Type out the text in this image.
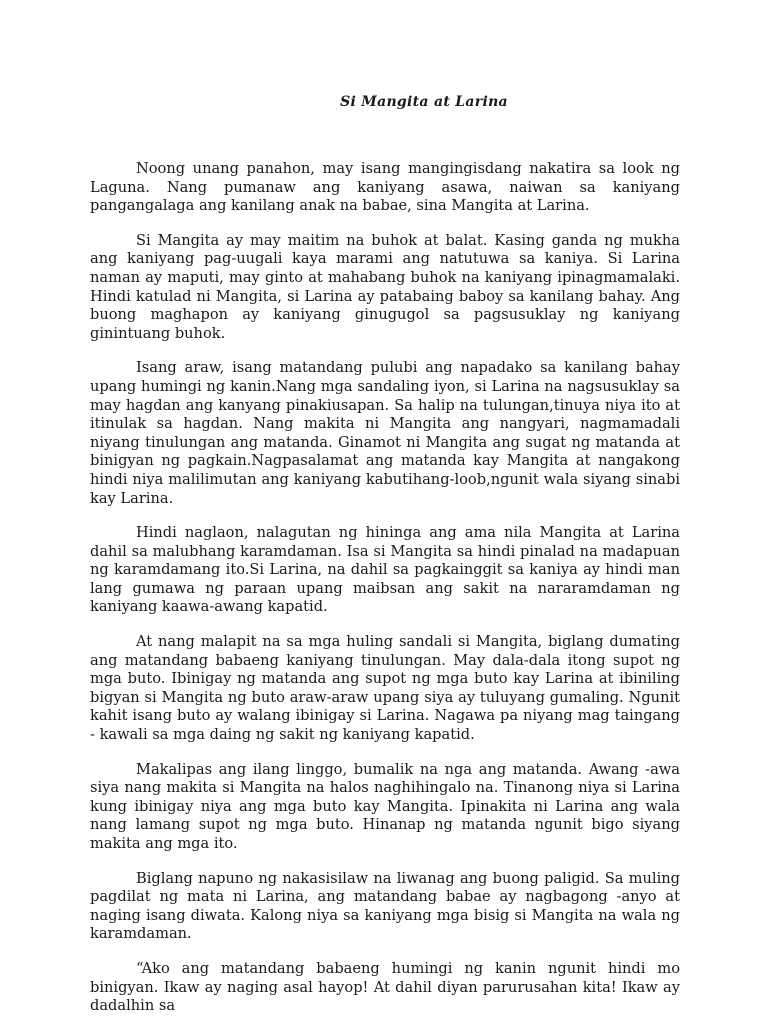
Si Mangita at Larina

Noong unang panahon, may isang mangingisdang nakatira sa look ng Laguna. Nang pumanaw ang kaniyang asawa, naiwan sa kaniyang pangangalaga ang kanilang anak na babae, sina Mangita at Larina.

Si Mangita ay may maitim na buhok at balat. Kasing ganda ng mukha ang kaniyang pag-uugali kaya marami ang natutuwa sa kaniya. Si Larina naman ay maputi, may ginto at mahabang buhok na kaniyang ipinagmamalaki. Hindi katulad ni Mangita, si Larina ay patabaing baboy sa kanilang bahay. Ang buong maghapon ay kaniyang ginugugol sa pagsusuklay ng kaniyang ginintuang buhok.

Isang araw, isang matandang pulubi ang napadako sa kanilang bahay upang humingi ng kanin.Nang mga sandaling iyon, si Larina na nagsusuklay sa may hagdan ang kanyang pinakiusapan. Sa halip na tulungan,tinuya niya ito at itinulak sa hagdan. Nang makita ni Mangita ang nangyari, nagmamadali niyang tinulungan ang matanda. Ginamot ni Mangita ang sugat ng matanda at binigyan ng pagkain.Nagpasalamat ang matanda kay Mangita at nangakong hindi niya malilimutan ang kaniyang kabutihang-loob,ngunit wala siyang sinabi kay Larina.

Hindi naglaon, nalagutan ng hininga ang ama nila Mangita at Larina dahil sa malubhang karamdaman. Isa si Mangita sa hindi pinalad na madapuan ng karamdamang ito.Si Larina, na dahil sa pagkainggit sa kaniya ay hindi man lang gumawa ng paraan upang maibsan ang sakit na nararamdaman ng kaniyang kaawa-awang kapatid.

At nang malapit na sa mga huling sandali si Mangita, biglang dumating ang matandang babaeng kaniyang tinulungan. May dala-dala itong supot ng mga buto. Ibinigay ng matanda ang supot ng mga buto kay Larina at ibiniling bigyan si Mangita ng buto araw-araw upang siya ay tuluyang gumaling. Ngunit kahit isang buto ay walang ibinigay si Larina. Nagawa pa niyang mag taingang - kawali sa mga daing ng sakit ng kaniyang kapatid.

Makalipas ang ilang linggo, bumalik na nga ang matanda. Awang -awa siya nang makita si Mangita na halos naghihingalo na. Tinanong niya si Larina kung ibinigay niya ang mga buto kay Mangita. Ipinakita ni Larina ang wala nang lamang supot ng mga buto. Hinanap ng matanda ngunit bigo siyang makita ang mga ito.

Biglang napuno ng nakasisilaw na liwanag ang buong paligid. Sa muling pagdilat ng mata ni Larina, ang matandang babae ay nagbagong -anyo at naging isang diwata. Kalong niya sa kaniyang mga bisig si Mangita na wala ng karamdaman.

“Ako ang matandang babaeng humingi ng kanin ngunit hindi mo binigyan. Ikaw ay naging asal hayop! At dahil diyan parurusahan kita! Ikaw ay dadalhin sa
